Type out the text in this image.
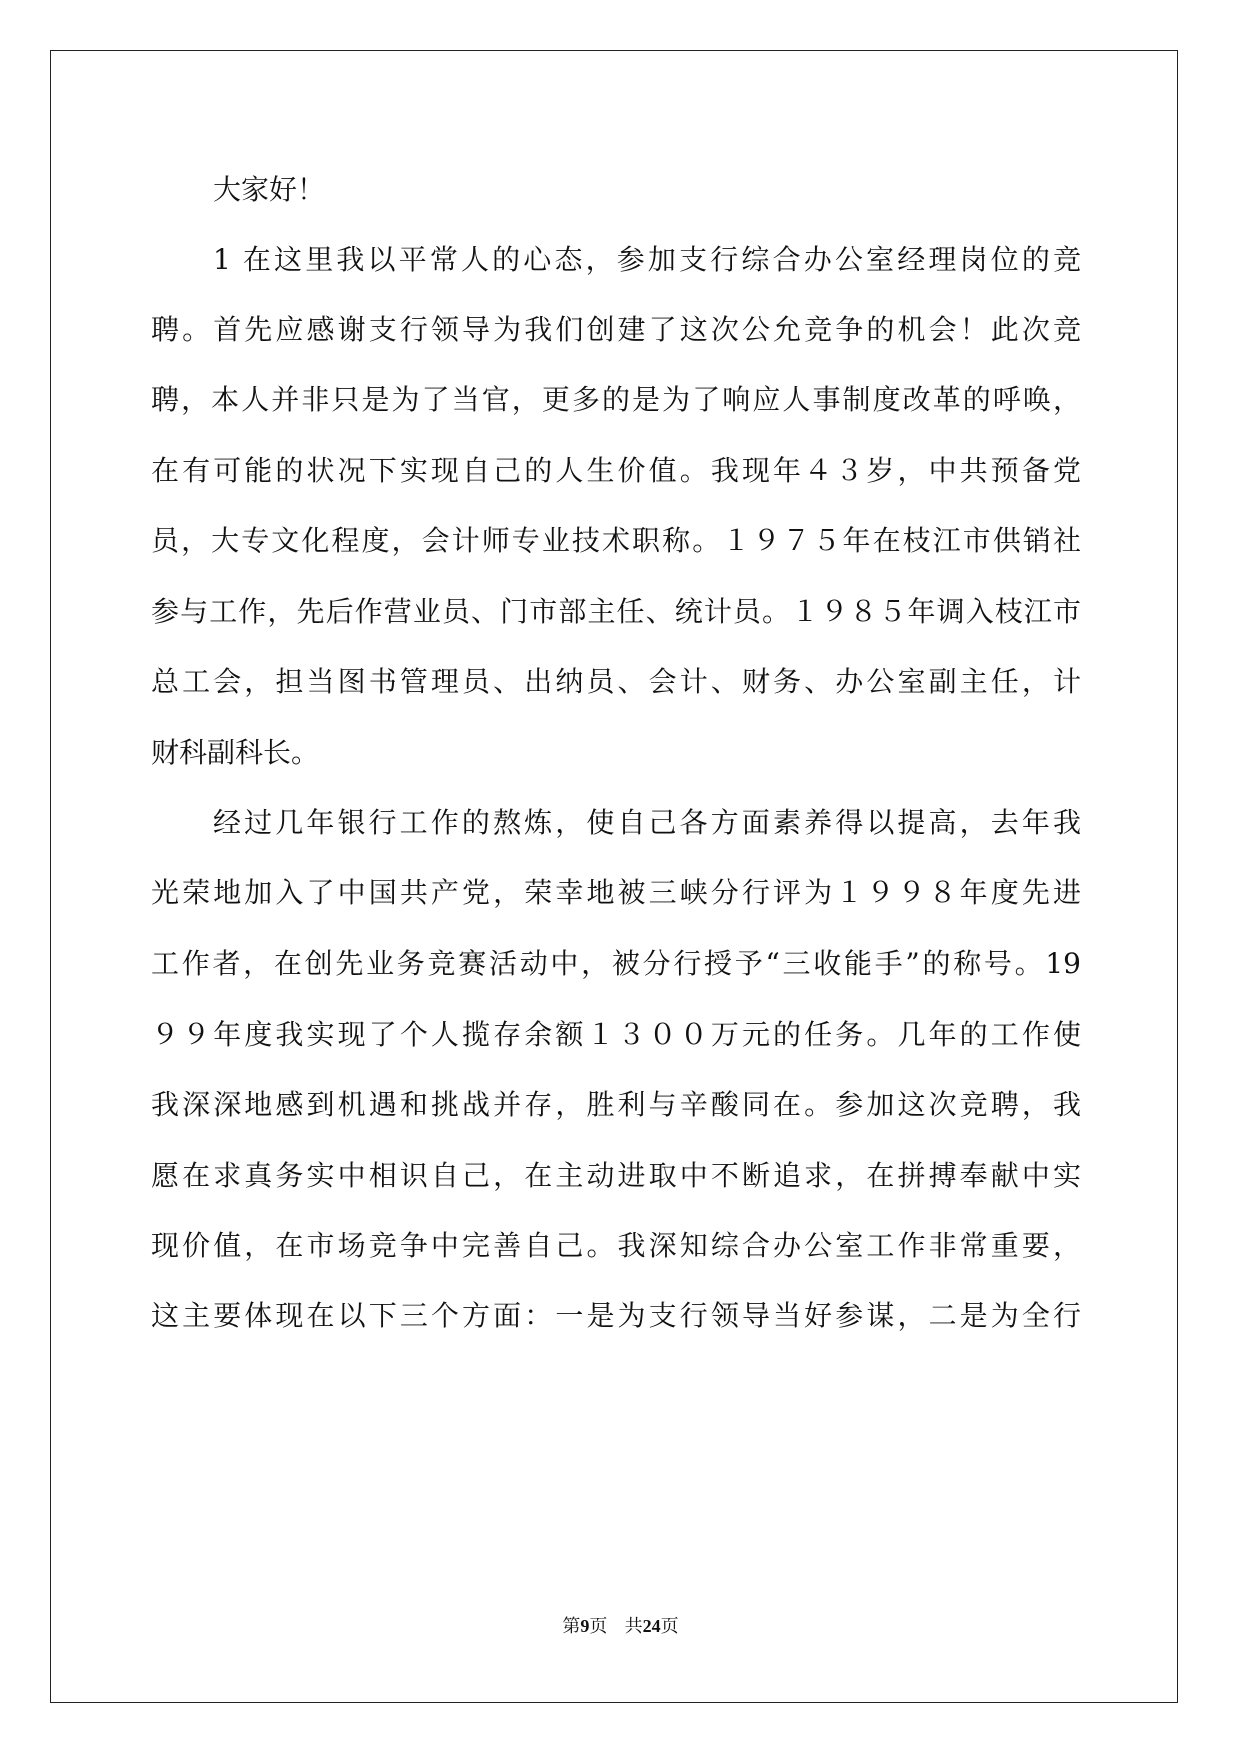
大家好！
1 在这里我以平常人的心态，参加支行综合办公室经理岗位的竞
聘。首先应感谢支行领导为我们创建了这次公允竞争的机会！此次竞
聘，本人并非只是为了当官，更多的是为了响应人事制度改革的呼唤，
在有可能的状况下实现自己的人生价值。我现年４３岁，中共预备党
员，大专文化程度，会计师专业技术职称。１９７５年在枝江市供销社
参与工作，先后作营业员、门市部主任、统计员。１９８５年调入枝江市
总工会，担当图书管理员、出纳员、会计、财务、办公室副主任，计
财科副科长。
经过几年银行工作的熬炼，使自己各方面素养得以提高，去年我
光荣地加入了中国共产党，荣幸地被三峡分行评为１９９８年度先进
工作者，在创先业务竞赛活动中，被分行授予“三收能手”的称号。19
９９年度我实现了个人揽存余额１３００万元的任务。几年的工作使
我深深地感到机遇和挑战并存，胜利与辛酸同在。参加这次竞聘，我
愿在求真务实中相识自己，在主动进取中不断追求，在拼搏奉献中实
现价值，在市场竞争中完善自己。我深知综合办公室工作非常重要，
这主要体现在以下三个方面：一是为支行领导当好参谋，二是为全行
第9页 共24页
